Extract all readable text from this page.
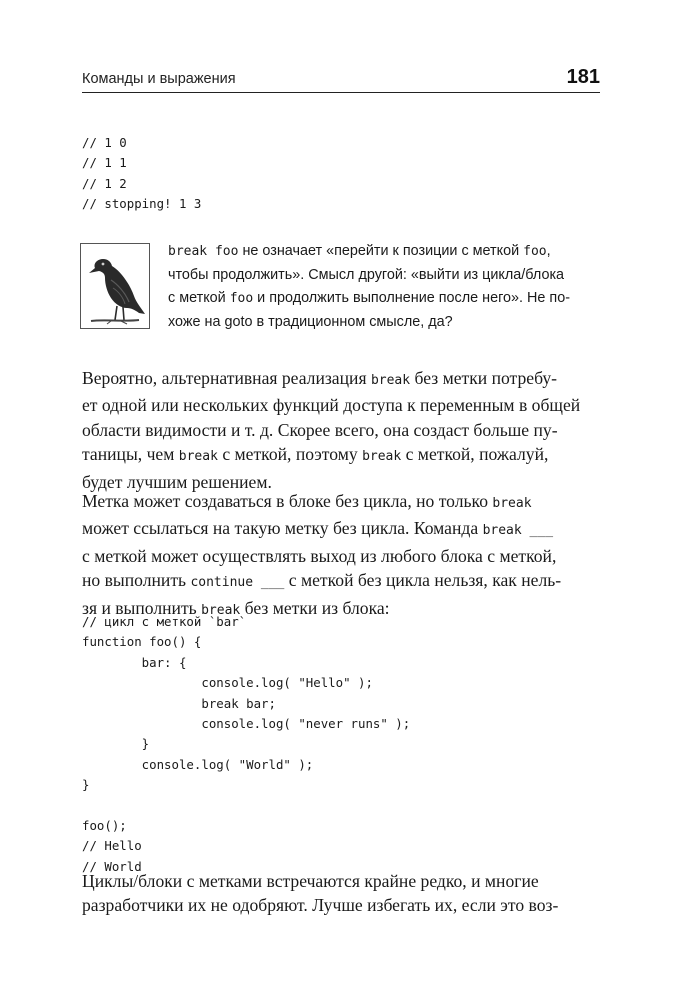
Команды и выражения	181
// 1 0
// 1 1
// 1 2
// stopping! 1 3
break foo не означает «перейти к позиции с меткой foo,
чтобы продолжить». Смысл другой: «выйти из цикла/блока
с меткой foo и продолжить выполнение после него». Не по-
хоже на goto в традиционном смысле, да?
Вероятно, альтернативная реализация break без метки потребу-
ет одной или нескольких функций доступа к переменным в общей
области видимости и т. д. Скорее всего, она создаст больше пу-
таницы, чем break с меткой, поэтому break с меткой, пожалуй,
будет лучшим решением.
Метка может создаваться в блоке без цикла, но только break
может ссылаться на такую метку без цикла. Команда break ___
с меткой может осуществлять выход из любого блока с меткой,
но выполнить continue ___ с меткой без цикла нельзя, как нель-
зя и выполнить break без метки из блока:
// цикл с меткой `bar`
function foo() {
bar: {
console.log( "Hello" );
break bar;
console.log( "never runs" );
}
console.log( "World" );
}

foo();
// Hello
// World
Циклы/блоки с метками встречаются крайне редко, и многие
разработчики их не одобряют. Лучше избегать их, если это воз-
